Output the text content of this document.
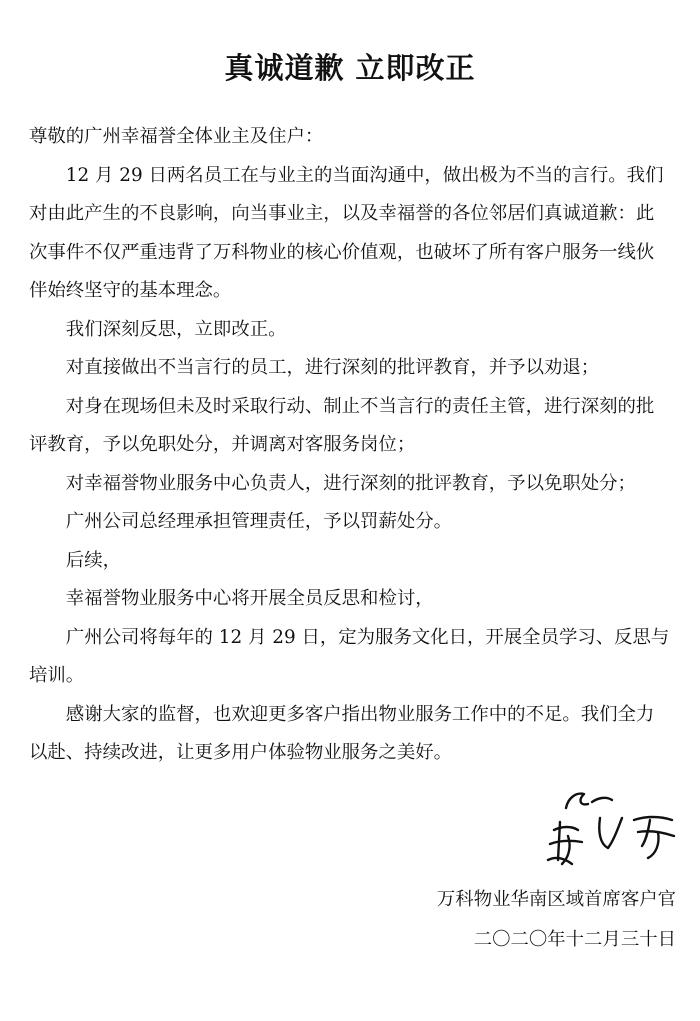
真诚道歉 立即改正

尊敬的广州幸福誉全体业主及住户：

12 月 29 日两名员工在与业主的当面沟通中，做出极为不当的言行。我们对由此产生的不良影响，向当事业主，以及幸福誉的各位邻居们真诚道歉：此次事件不仅严重违背了万科物业的核心价值观，也破坏了所有客户服务一线伙伴始终坚守的基本理念。

我们深刻反思，立即改正。

对直接做出不当言行的员工，进行深刻的批评教育，并予以劝退；

对身在现场但未及时采取行动、制止不当言行的责任主管，进行深刻的批评教育，予以免职处分，并调离对客服务岗位；

对幸福誉物业服务中心负责人，进行深刻的批评教育，予以免职处分；

广州公司总经理承担管理责任，予以罚薪处分。

后续，

幸福誉物业服务中心将开展全员反思和检讨，

广州公司将每年的 12 月 29 日，定为服务文化日，开展全员学习、反思与培训。

感谢大家的监督，也欢迎更多客户指出物业服务工作中的不足。我们全力以赴、持续改进，让更多用户体验物业服务之美好。

万科物业华南区域首席客户官
二〇二〇年十二月三十日
